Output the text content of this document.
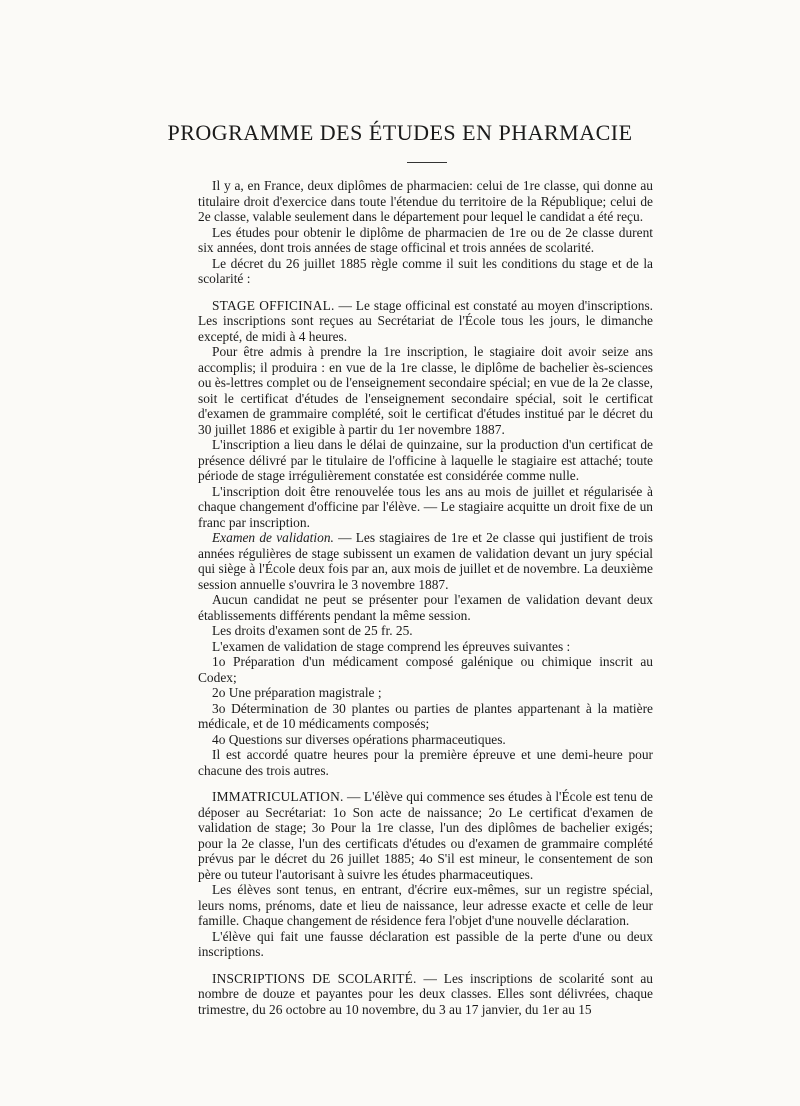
PROGRAMME DES ÉTUDES EN PHARMACIE

Il y a, en France, deux diplômes de pharmacien: celui de 1re classe, qui donne au titulaire droit d'exercice dans toute l'étendue du territoire de la République; celui de 2e classe, valable seulement dans le département pour lequel le candidat a été reçu.

Les études pour obtenir le diplôme de pharmacien de 1re ou de 2e classe durent six années, dont trois années de stage officinal et trois années de scolarité.

Le décret du 26 juillet 1885 règle comme il suit les conditions du stage et de la scolarité :

STAGE OFFICINAL. — Le stage officinal est constaté au moyen d'inscriptions. Les inscriptions sont reçues au Secrétariat de l'École tous les jours, le dimanche excepté, de midi à 4 heures.

Pour être admis à prendre la 1re inscription, le stagiaire doit avoir seize ans accomplis; il produira : en vue de la 1re classe, le diplôme de bachelier ès-sciences ou ès-lettres complet ou de l'enseignement secondaire spécial; en vue de la 2e classe, soit le certificat d'études de l'enseignement secondaire spécial, soit le certificat d'examen de grammaire complété, soit le certificat d'études institué par le décret du 30 juillet 1886 et exigible à partir du 1er novembre 1887.

L'inscription a lieu dans le délai de quinzaine, sur la production d'un certificat de présence délivré par le titulaire de l'officine à laquelle le stagiaire est attaché; toute période de stage irrégulièrement constatée est considérée comme nulle.

L'inscription doit être renouvelée tous les ans au mois de juillet et régularisée à chaque changement d'officine par l'élève. — Le stagiaire acquitte un droit fixe de un franc par inscription.

Examen de validation. — Les stagiaires de 1re et 2e classe qui justifient de trois années régulières de stage subissent un examen de validation devant un jury spécial qui siège à l'École deux fois par an, aux mois de juillet et de novembre. La deuxième session annuelle s'ouvrira le 3 novembre 1887.

Aucun candidat ne peut se présenter pour l'examen de validation devant deux établissements différents pendant la même session.

Les droits d'examen sont de 25 fr. 25.

L'examen de validation de stage comprend les épreuves suivantes :

1o Préparation d'un médicament composé galénique ou chimique inscrit au Codex;

2o Une préparation magistrale ;

3o Détermination de 30 plantes ou parties de plantes appartenant à la matière médicale, et de 10 médicaments composés;

4o Questions sur diverses opérations pharmaceutiques.

Il est accordé quatre heures pour la première épreuve et une demi-heure pour chacune des trois autres.

IMMATRICULATION. — L'élève qui commence ses études à l'École est tenu de déposer au Secrétariat: 1o Son acte de naissance; 2o Le certificat d'examen de validation de stage; 3o Pour la 1re classe, l'un des diplômes de bachelier exigés; pour la 2e classe, l'un des certificats d'études ou d'examen de grammaire complété prévus par le décret du 26 juillet 1885; 4o S'il est mineur, le consentement de son père ou tuteur l'autorisant à suivre les études pharmaceutiques.

Les élèves sont tenus, en entrant, d'écrire eux-mêmes, sur un registre spécial, leurs noms, prénoms, date et lieu de naissance, leur adresse exacte et celle de leur famille. Chaque changement de résidence fera l'objet d'une nouvelle déclaration.

L'élève qui fait une fausse déclaration est passible de la perte d'une ou deux inscriptions.

INSCRIPTIONS DE SCOLARITÉ. — Les inscriptions de scolarité sont au nombre de douze et payantes pour les deux classes. Elles sont délivrées, chaque trimestre, du 26 octobre au 10 novembre, du 3 au 17 janvier, du 1er au 15
